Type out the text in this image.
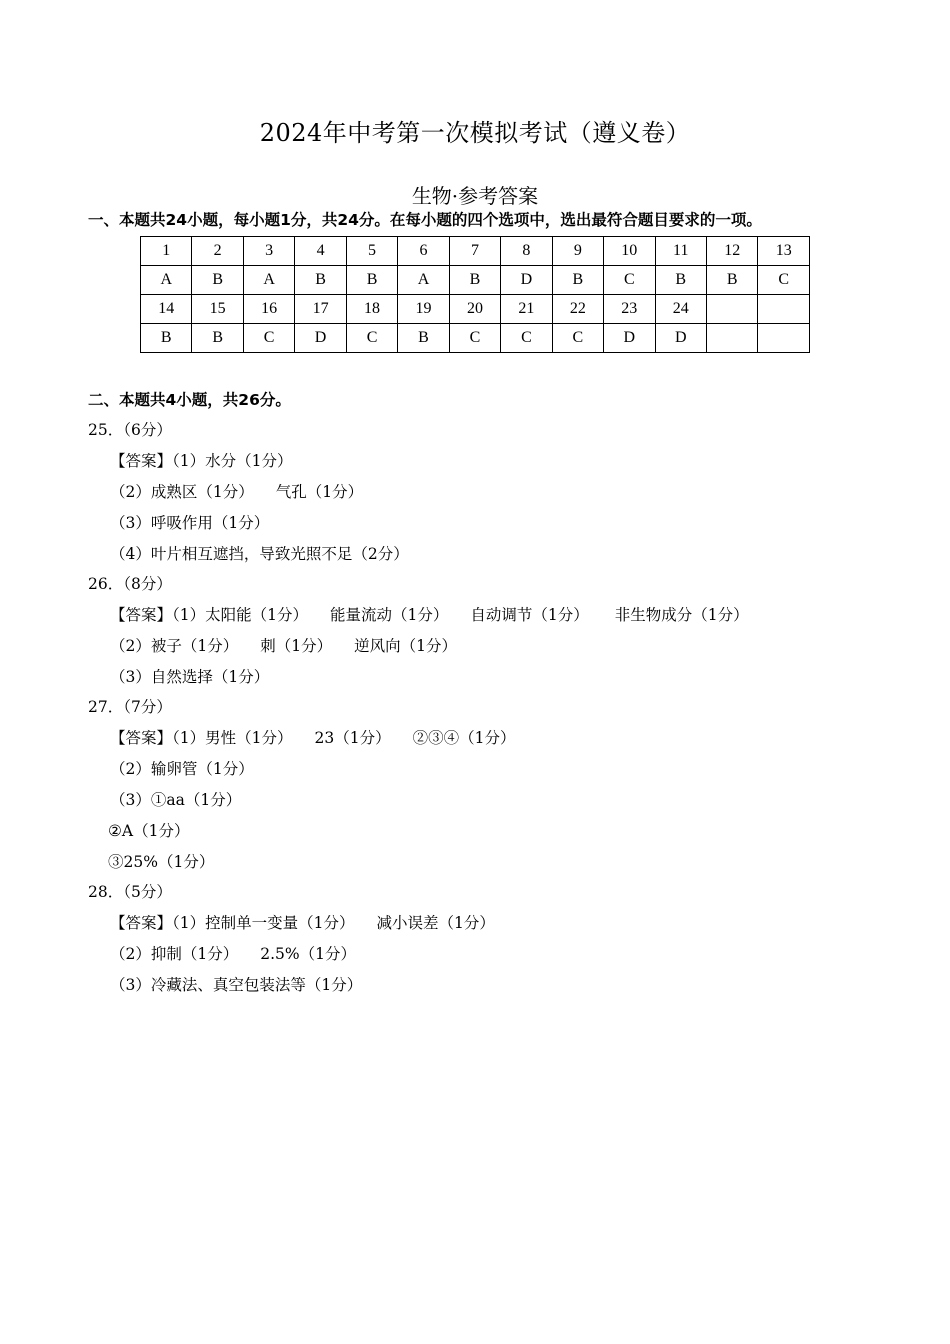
2024年中考第一次模拟考试（遵义卷）
生物·参考答案
一、本题共24小题，每小题1分，共24分。在每小题的四个选项中，选出最符合题目要求的一项。
1	2	3	4	5	6	7	8	9	10	11	12	13
A	B	A	B	B	A	B	D	B	C	B	B	C
14	15	16	17	18	19	20	21	22	23	24		
B	B	C	D	C	B	C	C	C	D	D		
二、本题共4小题，共26分。
25．（6分）
【答案】（1）水分（1分）
（2）成熟区（1分） 气孔（1分）
（3）呼吸作用（1分）
（4）叶片相互遮挡，导致光照不足（2分）
26．（8分）
【答案】（1）太阳能（1分） 能量流动（1分） 自动调节（1分） 非生物成分（1分）
（2）被子（1分） 刺（1分） 逆风向（1分）
（3）自然选择（1分）
27．（7分）
【答案】（1）男性（1分） 23（1分） ②③④（1分）
（2）输卵管（1分）
（3）①aa（1分）
②A（1分）
③25%（1分）
28．（5分）
【答案】（1）控制单一变量（1分） 减小误差（1分）
（2）抑制（1分） 2.5%（1分）
（3）冷藏法、真空包装法等（1分）
